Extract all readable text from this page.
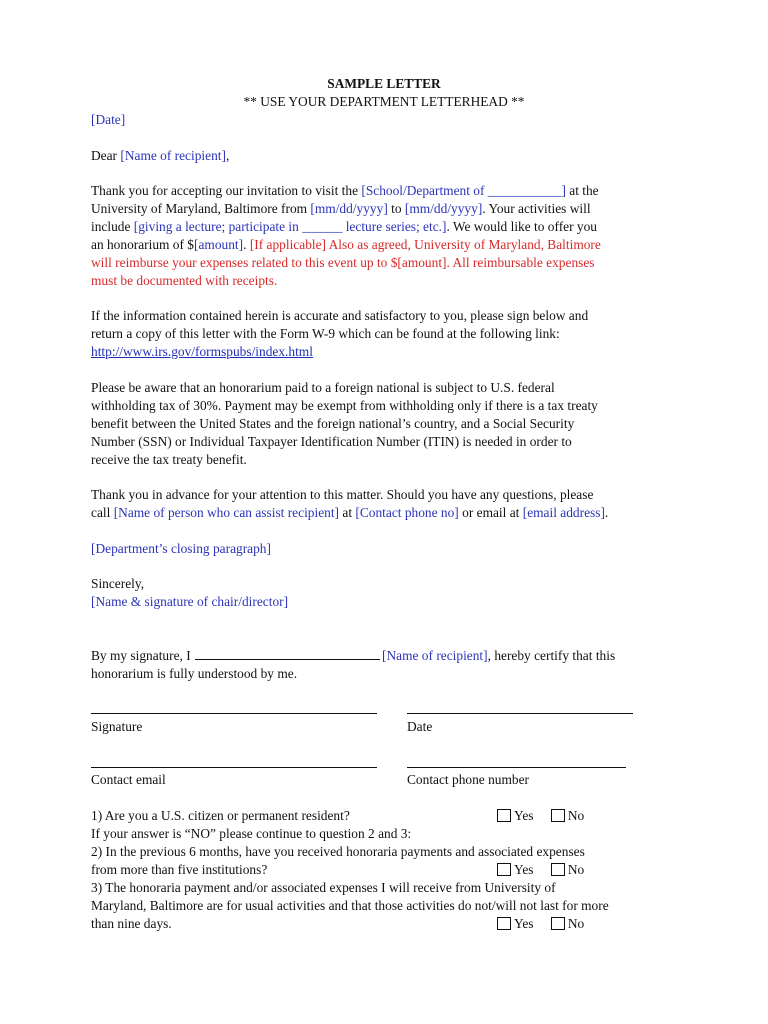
SAMPLE LETTER
** USE YOUR DEPARTMENT LETTERHEAD **
[Date]
Dear [Name of recipient],
Thank you for accepting our invitation to visit the [School/Department of ___________] at the
University of Maryland, Baltimore from [mm/dd/yyyy] to [mm/dd/yyyy]. Your activities will
include [giving a lecture; participate in ______ lecture series; etc.]. We would like to offer you
an honorarium of $[amount]. [If applicable] Also as agreed, University of Maryland, Baltimore
will reimburse your expenses related to this event up to $[amount]. All reimbursable expenses
must be documented with receipts.
If the information contained herein is accurate and satisfactory to you, please sign below and
return a copy of this letter with the Form W-9 which can be found at the following link:
http://www.irs.gov/formspubs/index.html
Please be aware that an honorarium paid to a foreign national is subject to U.S. federal
withholding tax of 30%. Payment may be exempt from withholding only if there is a tax treaty
benefit between the United States and the foreign national’s country, and a Social Security
Number (SSN) or Individual Taxpayer Identification Number (ITIN) is needed in order to
receive the tax treaty benefit.
Thank you in advance for your attention to this matter. Should you have any questions, please
call [Name of person who can assist recipient] at [Contact phone no] or email at [email address].
[Department’s closing paragraph]
Sincerely,
[Name & signature of chair/director]
By my signature, I	[Name of recipient], hereby certify that this
honorarium is fully understood by me.
Signature	Date
Contact email	Contact phone number
1) Are you a U.S. citizen or permanent resident?	Yes	No
If your answer is “NO” please continue to question 2 and 3:
2) In the previous 6 months, have you received honoraria payments and associated expenses
from more than five institutions?	Yes	No
3) The honoraria payment and/or associated expenses I will receive from University of
Maryland, Baltimore are for usual activities and that those activities do not/will not last for more
than nine days.	Yes	No
